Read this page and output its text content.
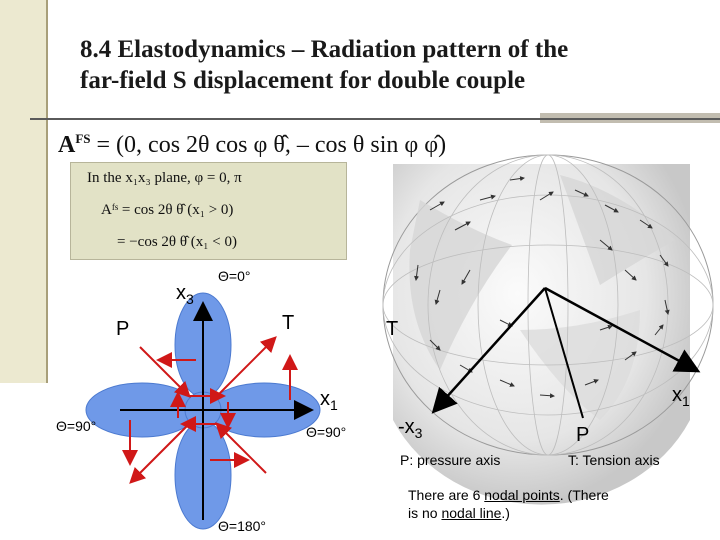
8.4 Elastodynamics – Radiation pattern of the
far-field S displacement for double couple
$A^{FS} = (0$, cos 2θ cos φ θ̂, – cos θ sin φ φ̂)
In the x₁x₃ plane, φ = 0, π
Aᶠˢ = cos 2θ θ̂ (x₁ > 0)
= −cos 2θ θ̂ (x₁ < 0)
Θ=0°
$x_3$
P	T
$x_1$
Θ=90°	Θ=90°
Θ=180°
T
$x_1$
$-x_3$	P
P: pressure axis	T: Tension axis
There are 6 nodal points. (There
is no nodal line.)
